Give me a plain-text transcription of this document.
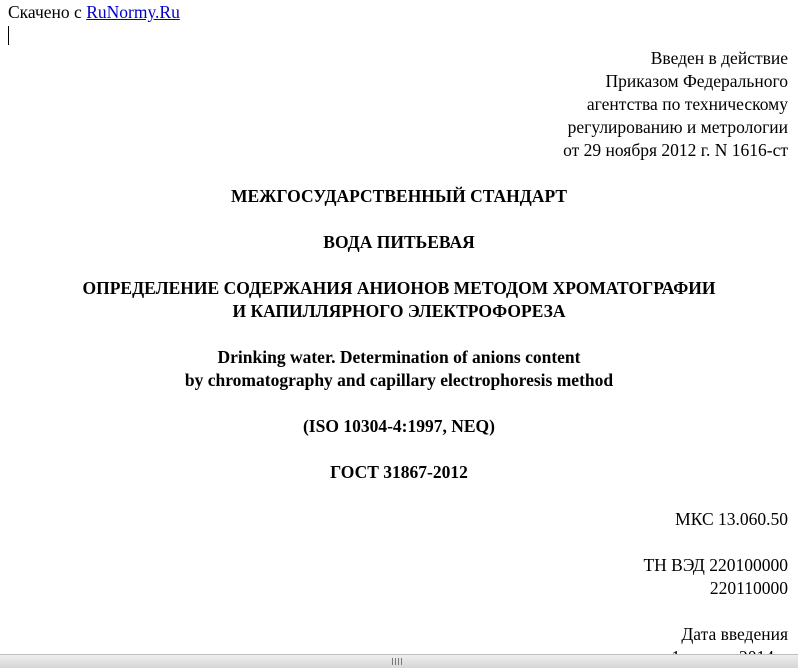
Скачено с RuNormy.Ru
Введен в действие
Приказом Федерального
агентства по техническому
регулированию и метрологии
от 29 ноября 2012 г. N 1616-ст
МЕЖГОСУДАРСТВЕННЫЙ СТАНДАРТ
ВОДА ПИТЬЕВАЯ
ОПРЕДЕЛЕНИЕ СОДЕРЖАНИЯ АНИОНОВ МЕТОДОМ ХРОМАТОГРАФИИ
И КАПИЛЛЯРНОГО ЭЛЕКТРОФОРЕЗА
Drinking water. Determination of anions content
by chromatography and capillary electrophoresis method
(ISO 10304-4:1997, NEQ)
ГОСТ 31867-2012
МКС 13.060.50
ТН ВЭД 220100000
220110000
Дата введения
